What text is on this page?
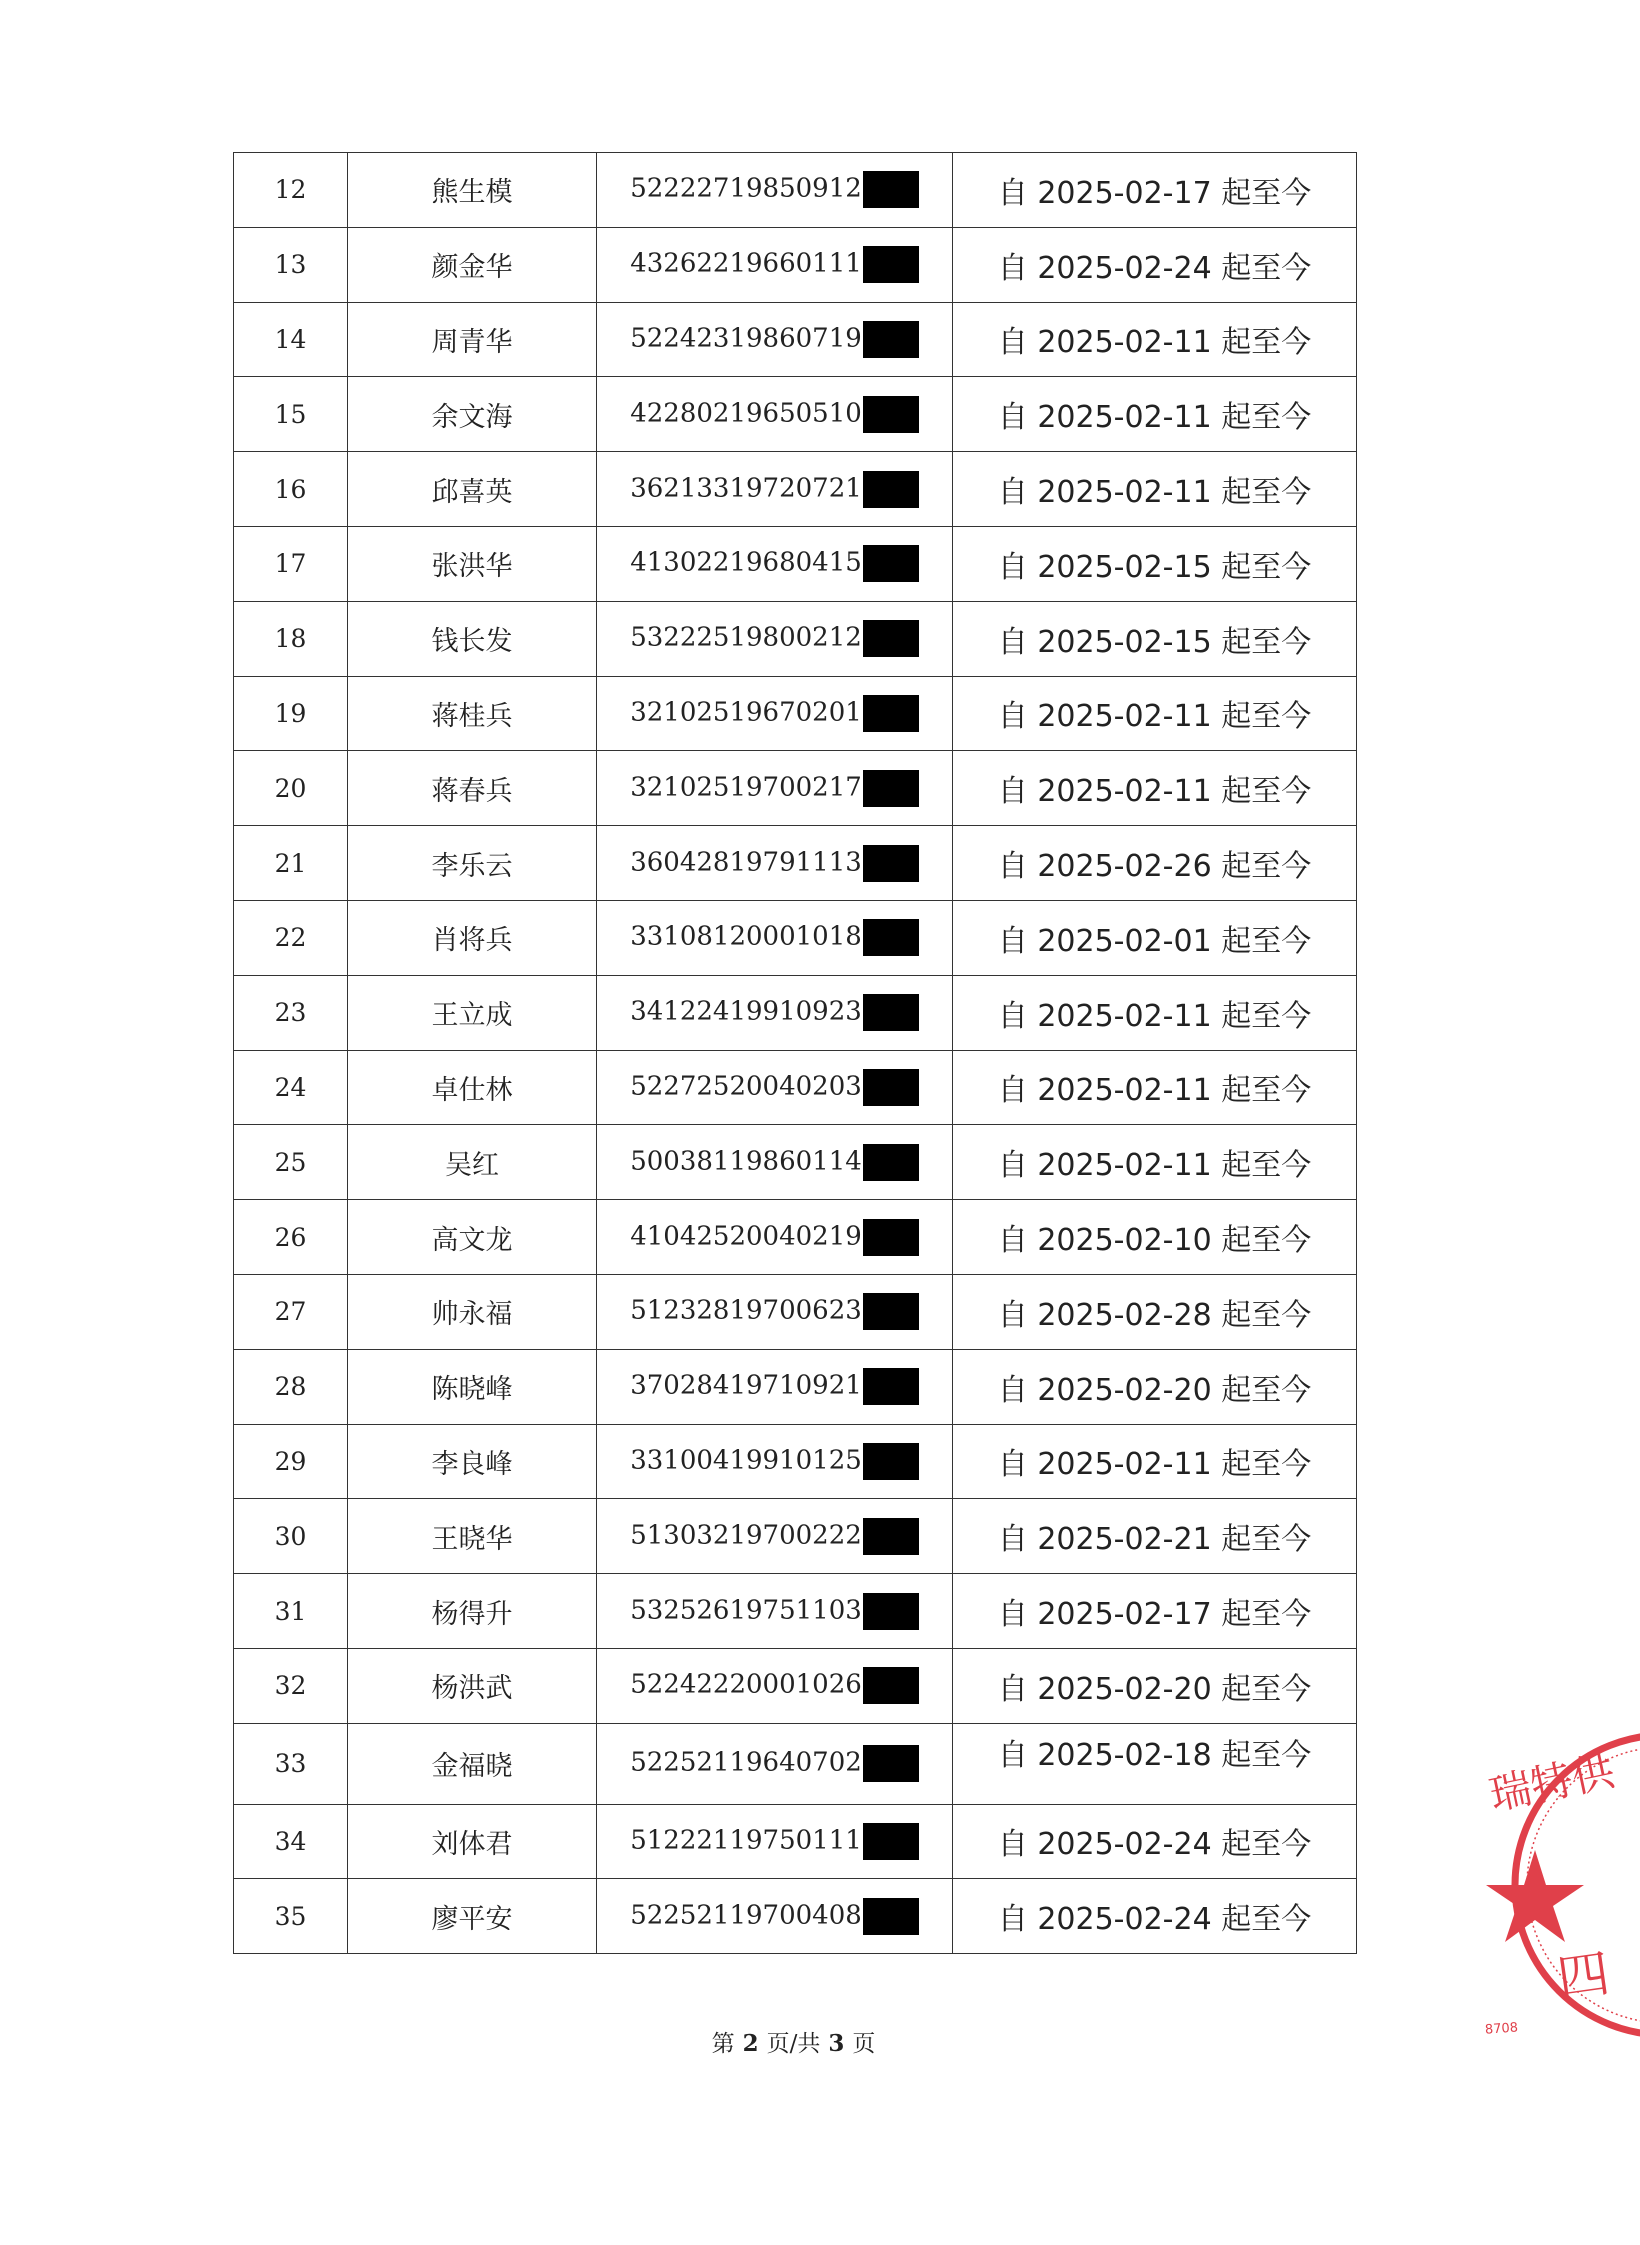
12	熊生模	52222719850912	自 2025-02-17 起至今
13	颜金华	43262219660111	自 2025-02-24 起至今
14	周青华	52242319860719	自 2025-02-11 起至今
15	余文海	42280219650510	自 2025-02-11 起至今
16	邱喜英	36213319720721	自 2025-02-11 起至今
17	张洪华	41302219680415	自 2025-02-15 起至今
18	钱长发	53222519800212	自 2025-02-15 起至今
19	蒋桂兵	32102519670201	自 2025-02-11 起至今
20	蒋春兵	32102519700217	自 2025-02-11 起至今
21	李乐云	36042819791113	自 2025-02-26 起至今
22	肖将兵	33108120001018	自 2025-02-01 起至今
23	王立成	34122419910923	自 2025-02-11 起至今
24	卓仕林	52272520040203	自 2025-02-11 起至今
25	吴红	50038119860114	自 2025-02-11 起至今
26	高文龙	41042520040219	自 2025-02-10 起至今
27	帅永福	51232819700623	自 2025-02-28 起至今
28	陈晓峰	37028419710921	自 2025-02-20 起至今
29	李良峰	33100419910125	自 2025-02-11 起至今
30	王晓华	51303219700222	自 2025-02-21 起至今
31	杨得升	53252619751103	自 2025-02-17 起至今
32	杨洪武	52242220001026	自 2025-02-20 起至今
33	金福晓	52252119640702	自 2025-02-18 起至今
34	刘体君	51222119750111	自 2025-02-24 起至今
35	廖平安	52252119700408	自 2025-02-24 起至今
第 2 页/共 3 页
瑞特供
四
8708
